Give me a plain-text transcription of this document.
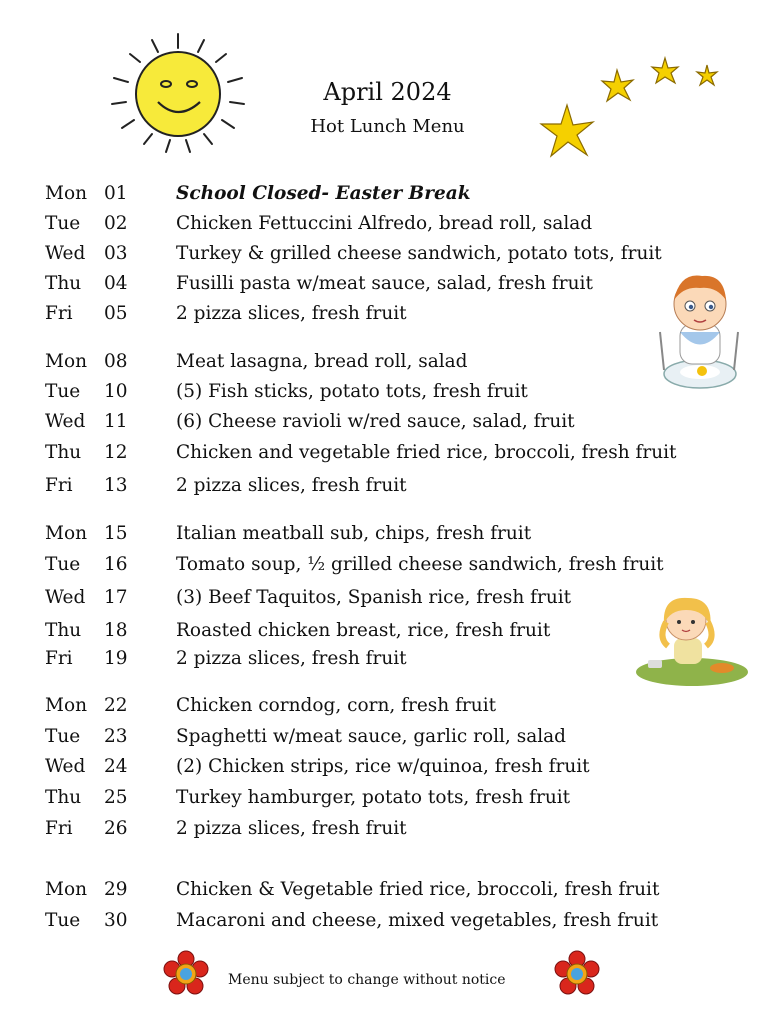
April 2024
Hot Lunch Menu
Mon 01	School Closed- Easter Break
Tue 02	Chicken Fettuccini Alfredo, bread roll, salad
Wed 03	Turkey & grilled cheese sandwich, potato tots, fruit
Thu 04	Fusilli pasta w/meat sauce, salad, fresh fruit
Fri 05	2 pizza slices, fresh fruit
Mon 08	Meat lasagna, bread roll, salad
Tue 10	(5) Fish sticks, potato tots, fresh fruit
Wed 11	(6) Cheese ravioli w/red sauce, salad, fruit
Thu 12	Chicken and vegetable fried rice, broccoli, fresh fruit
Fri 13	2 pizza slices, fresh fruit
Mon 15	Italian meatball sub, chips, fresh fruit
Tue 16	Tomato soup, ½ grilled cheese sandwich, fresh fruit
Wed 17	(3) Beef Taquitos, Spanish rice, fresh fruit
Thu 18	Roasted chicken breast, rice, fresh fruit
Fri 19	2 pizza slices, fresh fruit
Mon 22	Chicken corndog, corn, fresh fruit
Tue 23	Spaghetti w/meat sauce, garlic roll, salad
Wed 24	(2) Chicken strips, rice w/quinoa, fresh fruit
Thu 25	Turkey hamburger, potato tots, fresh fruit
Fri 26	2 pizza slices, fresh fruit
Mon 29	Chicken & Vegetable fried rice, broccoli, fresh fruit
Tue 30	Macaroni and cheese, mixed vegetables, fresh fruit
Menu subject to change without notice
